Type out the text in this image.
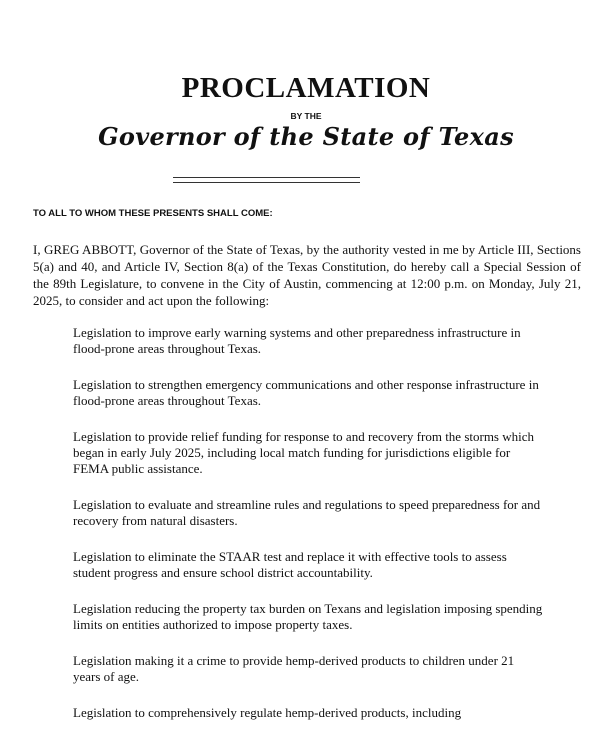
PROCLAMATION
BY THE
Governor of the State of Texas
TO ALL TO WHOM THESE PRESENTS SHALL COME:

I, GREG ABBOTT, Governor of the State of Texas, by the authority vested in me by Article III, Sections 5(a) and 40, and Article IV, Section 8(a) of the Texas Constitution, do hereby call a Special Session of the 89th Legislature, to convene in the City of Austin, commencing at 12:00 p.m. on Monday, July 21, 2025, to consider and act upon the following:

Legislation to improve early warning systems and other preparedness infrastructure in flood-prone areas throughout Texas.
Legislation to strengthen emergency communications and other response infrastructure in flood-prone areas throughout Texas.
Legislation to provide relief funding for response to and recovery from the storms which began in early July 2025, including local match funding for jurisdictions eligible for FEMA public assistance.
Legislation to evaluate and streamline rules and regulations to speed preparedness for and recovery from natural disasters.
Legislation to eliminate the STAAR test and replace it with effective tools to assess student progress and ensure school district accountability.
Legislation reducing the property tax burden on Texans and legislation imposing spending limits on entities authorized to impose property taxes.
Legislation making it a crime to provide hemp-derived products to children under 21 years of age.
Legislation to comprehensively regulate hemp-derived products, including
